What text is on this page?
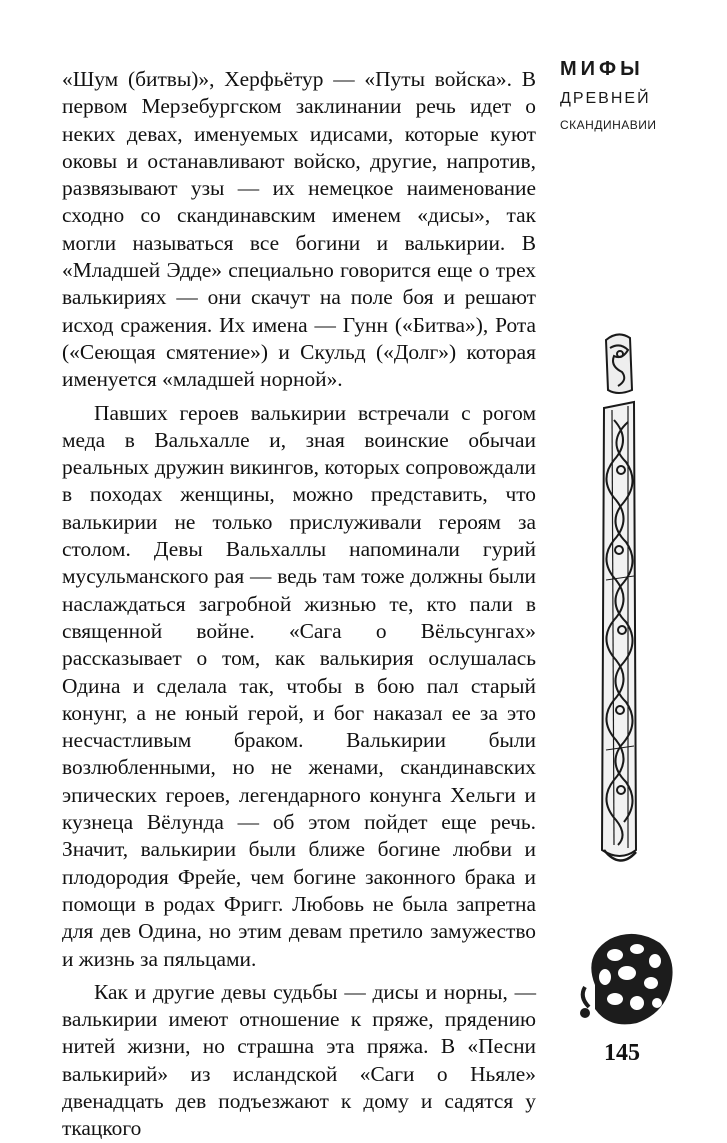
МИФЫ
ДРЕВНЕЙ
СКАНДИНАВИИ

«Шум (битвы)», Херфьётур — «Путы войска». В первом Мерзебургском заклинании речь идет о неких девах, именуемых идисами, которые куют оковы и останавливают войско, другие, напротив, развязывают узы — их немецкое наименование сходно со скандинавским именем «дисы», так могли называться все богини и валькирии. В «Младшей Эдде» специально говорится еще о трех валькириях — они скачут на поле боя и решают исход сражения. Их имена — Гунн («Битва»), Рота («Сеющая смятение») и Скульд («Долг») которая именуется «младшей норной».

Павших героев валькирии встречали с рогом меда в Вальхалле и, зная воинские обычаи реальных дружин викингов, которых сопровождали в походах женщины, можно представить, что валькирии не только прислуживали героям за столом. Девы Вальхаллы напоминали гурий мусульманского рая — ведь там тоже должны были наслаждаться загробной жизнью те, кто пали в священной войне. «Сага о Вёльсунгах» рассказывает о том, как валькирия ослушалась Одина и сделала так, чтобы в бою пал старый конунг, а не юный герой, и бог наказал ее за это несчастливым браком. Валькирии были возлюбленными, но не женами, скандинавских эпических героев, легендарного конунга Хельги и кузнеца Вёлунда — об этом пойдет еще речь. Значит, валькирии были ближе богине любви и плодородия Фрейе, чем богине законного брака и помощи в родах Фригг. Любовь не была запретна для дев Одина, но этим девам претило замужество и жизнь за пяльцами.

Как и другие девы судьбы — дисы и норны, — валькирии имеют отношение к пряже, прядению нитей жизни, но страшна эта пряжа. В «Песни валькирий» из исландской «Саги о Ньяле» двенадцать дев подъезжают к дому и садятся у ткацкого

145
